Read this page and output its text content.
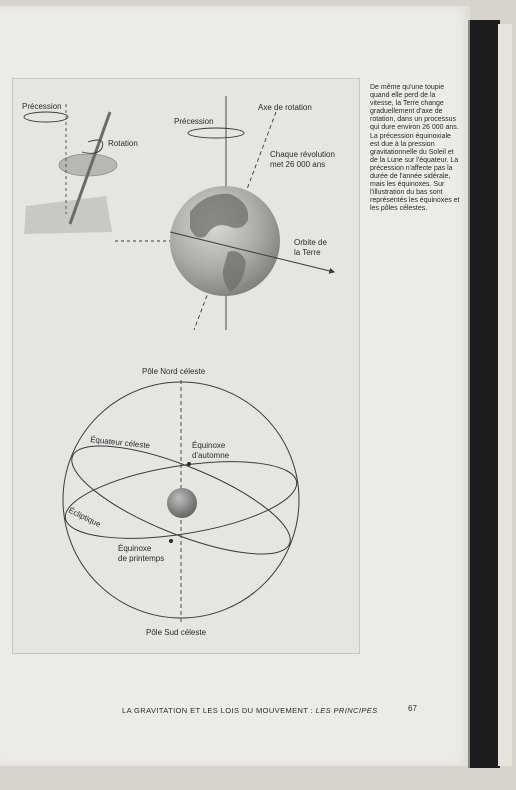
Précession
Rotation
Précession
Axe de rotation
Chaque révolution
met 26 000 ans
Orbite de
la Terre
Pôle Nord céleste
Équateur céleste	Équinoxe
d'automne
Écliptique
Équinoxe
de printemps
Pôle Sud céleste
De même qu'une toupie quand elle perd de la vitesse, la Terre change graduellement d'axe de rotation, dans un processus qui dure environ 26 000 ans. La précession équinoxiale est due à la pression gravitationnelle du Soleil et de la Lune sur l'équateur. La précession n'affecte pas la durée de l'année sidérale, mais les équinoxes. Sur l'illustration du bas sont représentés les équinoxes et les pôles célestes.
LA GRAVITATION ET LES LOIS DU MOUVEMENT : LES PRINCIPES	67
